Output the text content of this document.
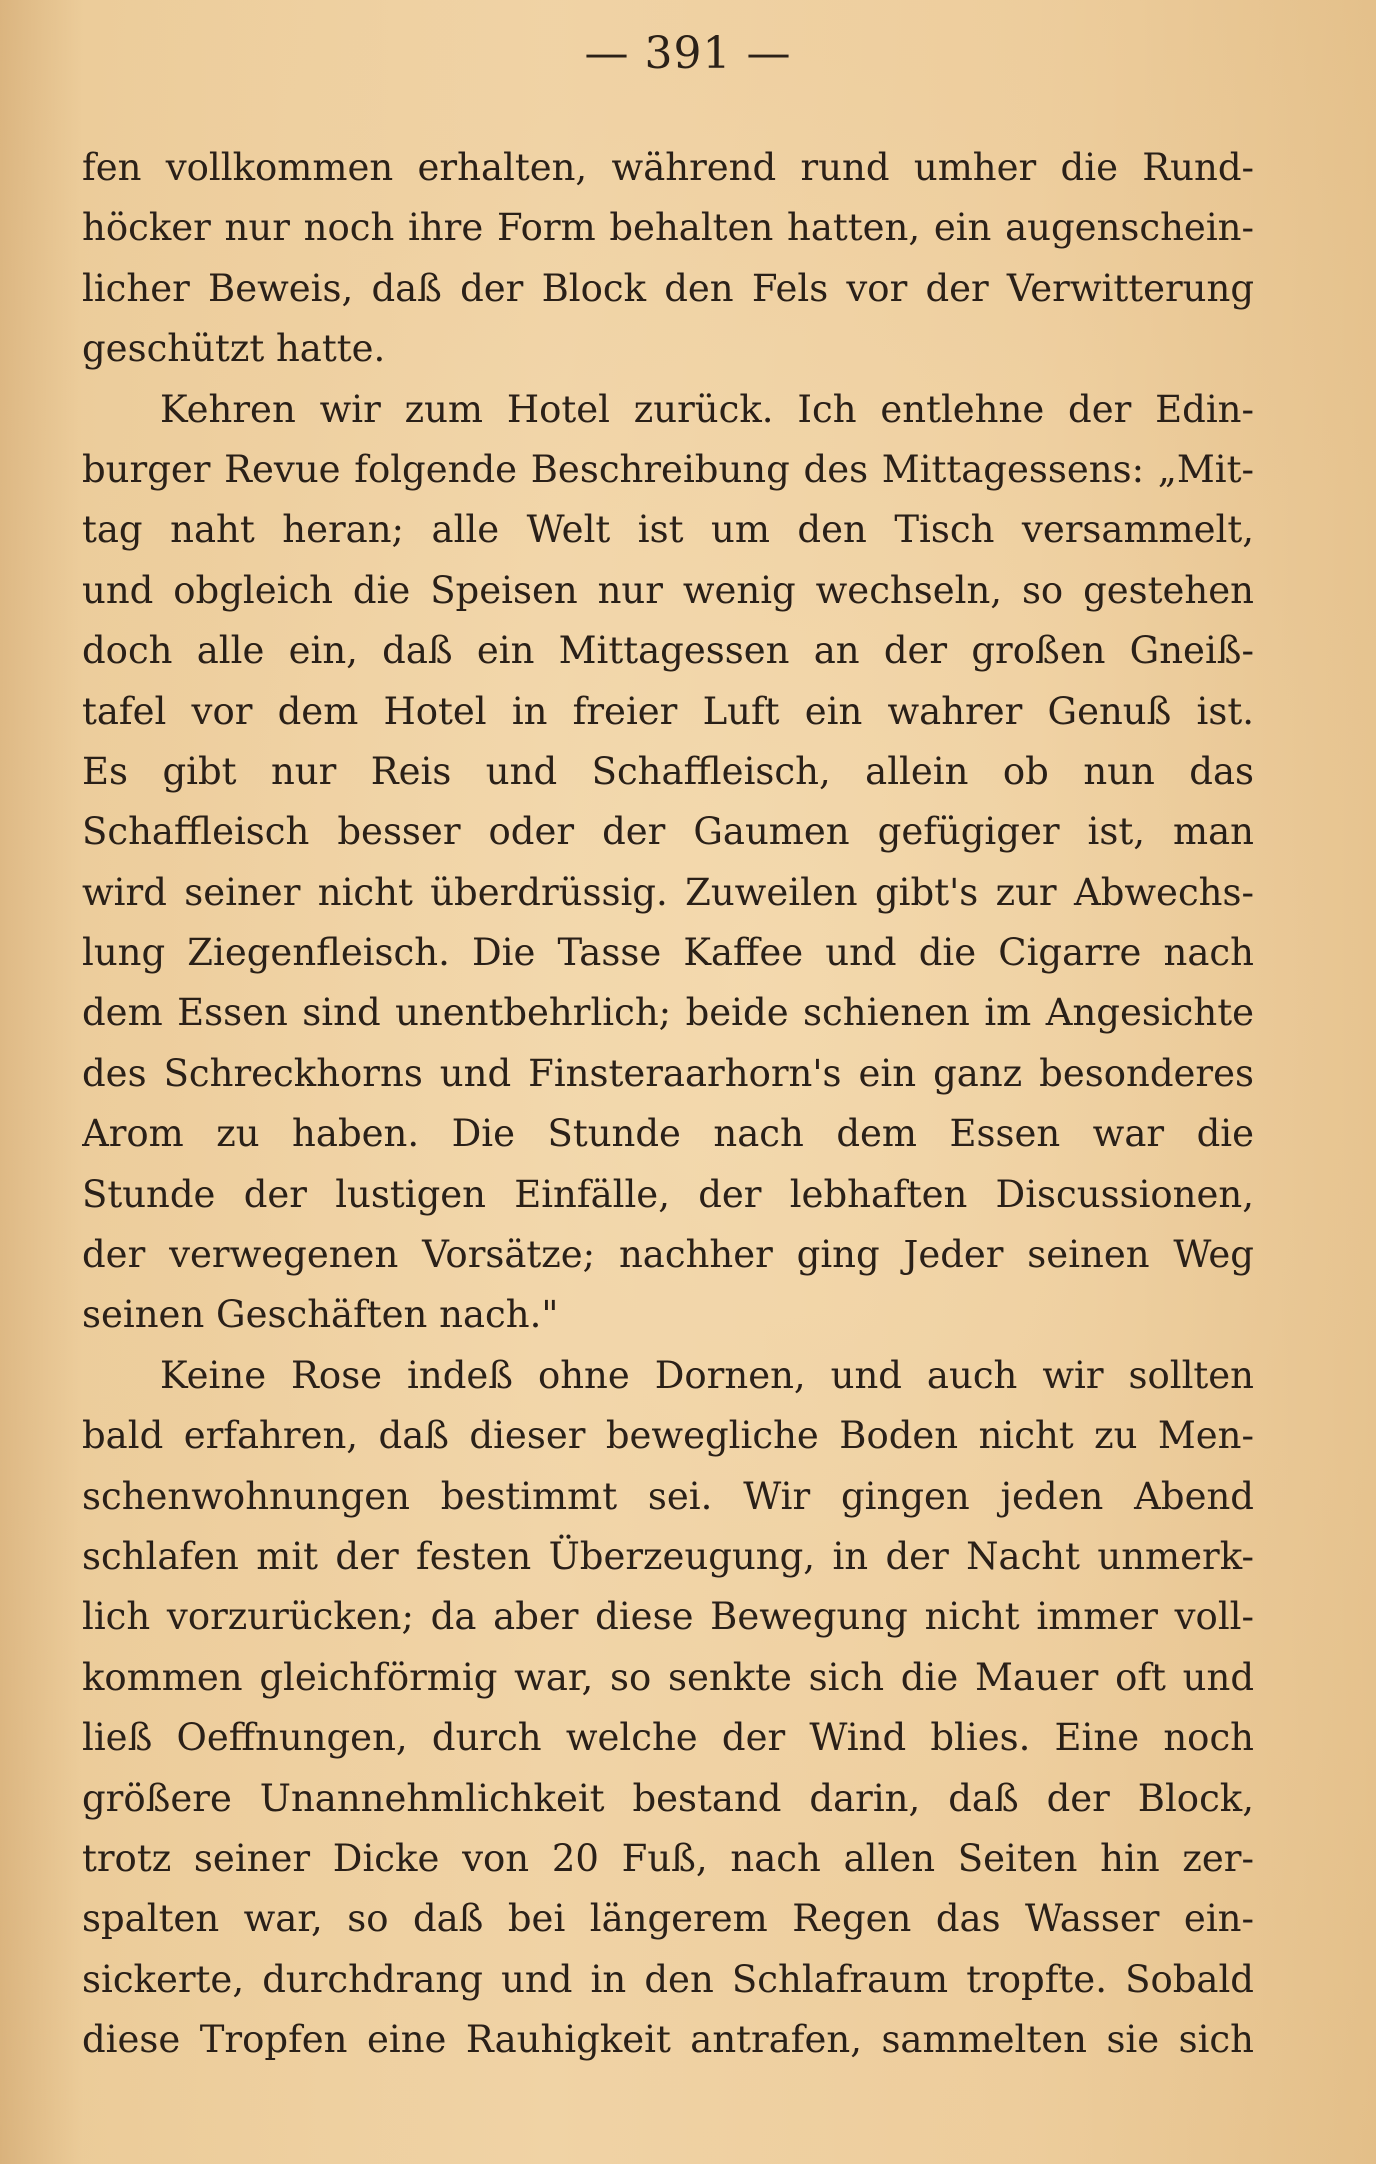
— 391 —
fen vollkommen erhalten, während rund umher die Rund-
höcker nur noch ihre Form behalten hatten, ein augenschein-
licher Beweis, daß der Block den Fels vor der Verwitterung
geschützt hatte.
Kehren wir zum Hotel zurück. Ich entlehne der Edin-
burger Revue folgende Beschreibung des Mittagessens: „Mit-
tag naht heran; alle Welt ist um den Tisch versammelt,
und obgleich die Speisen nur wenig wechseln, so gestehen
doch alle ein, daß ein Mittagessen an der großen Gneiß-
tafel vor dem Hotel in freier Luft ein wahrer Genuß ist.
Es gibt nur Reis und Schaffleisch, allein ob nun das
Schaffleisch besser oder der Gaumen gefügiger ist, man
wird seiner nicht überdrüssig. Zuweilen gibt's zur Abwechs-
lung Ziegenfleisch. Die Tasse Kaffee und die Cigarre nach
dem Essen sind unentbehrlich; beide schienen im Angesichte
des Schreckhorns und Finsteraarhorn's ein ganz besonderes
Arom zu haben. Die Stunde nach dem Essen war die
Stunde der lustigen Einfälle, der lebhaften Discussionen,
der verwegenen Vorsätze; nachher ging Jeder seinen Weg
seinen Geschäften nach."
Keine Rose indeß ohne Dornen, und auch wir sollten
bald erfahren, daß dieser bewegliche Boden nicht zu Men-
schenwohnungen bestimmt sei. Wir gingen jeden Abend
schlafen mit der festen Überzeugung, in der Nacht unmerk-
lich vorzurücken; da aber diese Bewegung nicht immer voll-
kommen gleichförmig war, so senkte sich die Mauer oft und
ließ Oeffnungen, durch welche der Wind blies. Eine noch
größere Unannehmlichkeit bestand darin, daß der Block,
trotz seiner Dicke von 20 Fuß, nach allen Seiten hin zer-
spalten war, so daß bei längerem Regen das Wasser ein-
sickerte, durchdrang und in den Schlafraum tropfte. Sobald
diese Tropfen eine Rauhigkeit antrafen, sammelten sie sich
